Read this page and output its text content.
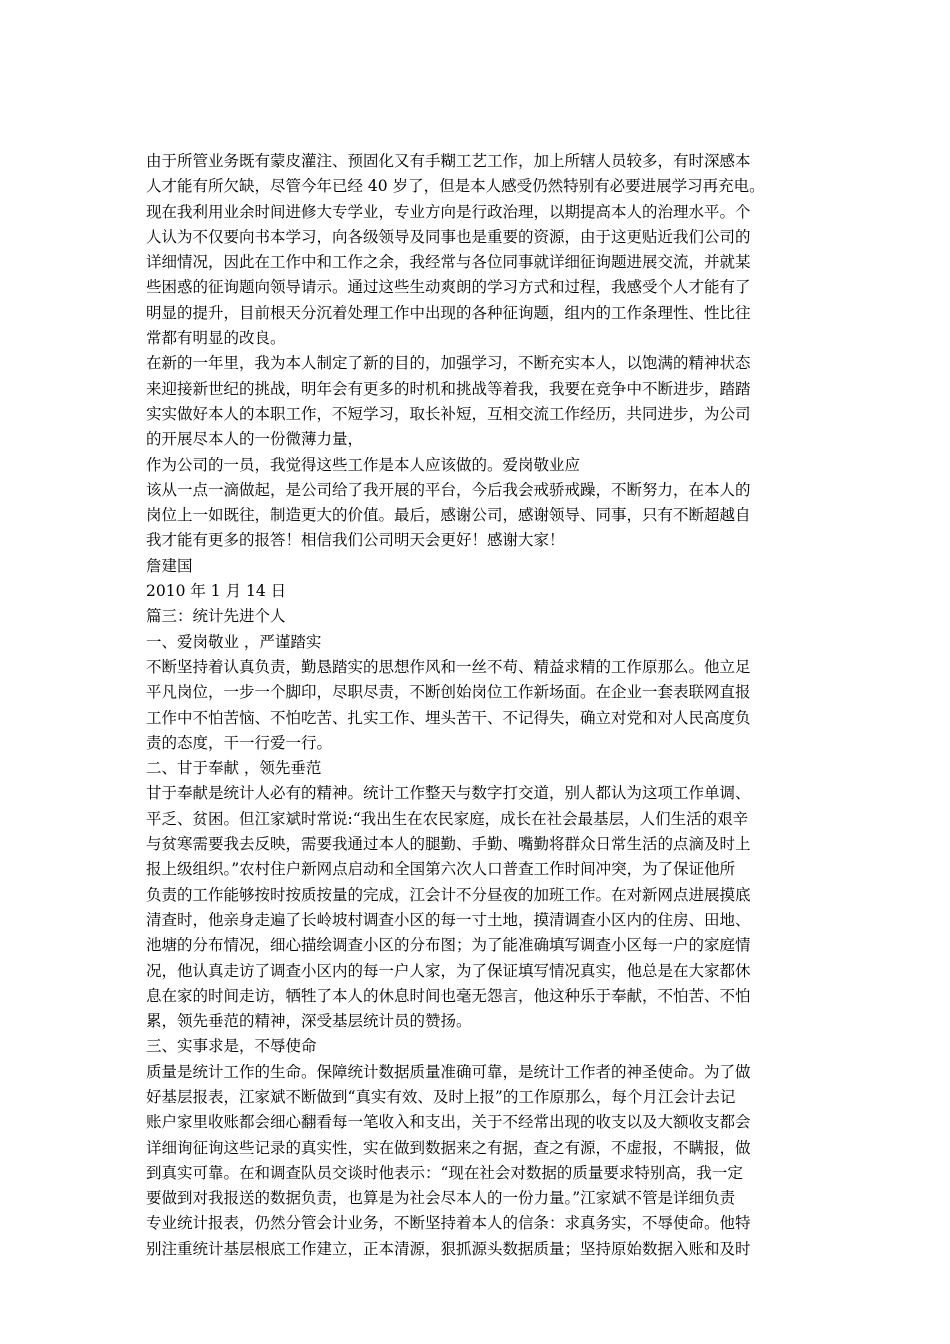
由于所管业务既有蒙皮灌注、预固化又有手糊工艺工作，加上所辖人员较多，有时深感本
人才能有所欠缺，尽管今年已经 40 岁了，但是本人感受仍然特别有必要进展学习再充电。
现在我利用业余时间进修大专学业，专业方向是行政治理，以期提高本人的治理水平。个
人认为不仅要向书本学习，向各级领导及同事也是重要的资源，由于这更贴近我们公司的
详细情况，因此在工作中和工作之余，我经常与各位同事就详细征询题进展交流，并就某
些困惑的征询题向领导请示。通过这些生动爽朗的学习方式和过程，我感受个人才能有了
明显的提升，目前根天分沉着处理工作中出现的各种征询题，组内的工作条理性、性比往
常都有明显的改良。
在新的一年里，我为本人制定了新的目的，加强学习，不断充实本人，以饱满的精神状态
来迎接新世纪的挑战，明年会有更多的时机和挑战等着我，我要在竞争中不断进步，踏踏
实实做好本人的本职工作，不短学习，取长补短，互相交流工作经历，共同进步，为公司
的开展尽本人的一份微薄力量，
作为公司的一员，我觉得这些工作是本人应该做的。爱岗敬业应
该从一点一滴做起，是公司给了我开展的平台，今后我会戒骄戒躁，不断努力，在本人的
岗位上一如既往，制造更大的价值。最后，感谢公司，感谢领导、同事，只有不断超越自
我才能有更多的报答！相信我们公司明天会更好！感谢大家！
詹建国
2010 年 1 月 14 日
篇三：统计先进个人
一、爱岗敬业 ，严谨踏实
不断坚持着认真负责，勤恳踏实的思想作风和一丝不苟、精益求精的工作原那么。他立足
平凡岗位，一步一个脚印，尽职尽责，不断创始岗位工作新场面。在企业一套表联网直报
工作中不怕苦恼、不怕吃苦、扎实工作、埋头苦干、不记得失，确立对党和对人民高度负
责的态度，干一行爱一行。
二、甘于奉献 ，领先垂范
甘于奉献是统计人必有的精神。统计工作整天与数字打交道，别人都认为这项工作单调、
平乏、贫困。但江家斌时常说:“我出生在农民家庭，成长在社会最基层，人们生活的艰辛
与贫寒需要我去反映，需要我通过本人的腿勤、手勤、嘴勤将群众日常生活的点滴及时上
报上级组织。”农村住户新网点启动和全国第六次人口普查工作时间冲突，为了保证他所
负责的工作能够按时按质按量的完成，江会计不分昼夜的加班工作。在对新网点进展摸底
清查时，他亲身走遍了长岭坡村调查小区的每一寸土地，摸清调查小区内的住房、田地、
池塘的分布情况，细心描绘调查小区的分布图；为了能准确填写调查小区每一户的家庭情
况，他认真走访了调查小区内的每一户人家，为了保证填写情况真实，他总是在大家都休
息在家的时间走访，牺牲了本人的休息时间也毫无怨言，他这种乐于奉献，不怕苦、不怕
累，领先垂范的精神，深受基层统计员的赞扬。
三、实事求是，不辱使命
质量是统计工作的生命。保障统计数据质量准确可靠，是统计工作者的神圣使命。为了做
好基层报表，江家斌不断做到“真实有效、及时上报”的工作原那么，每个月江会计去记
账户家里收账都会细心翻看每一笔收入和支出，关于不经常出现的收支以及大额收支都会
详细询征询这些记录的真实性，实在做到数据来之有据，查之有源，不虚报，不瞒报，做
到真实可靠。在和调查队员交谈时他表示：“现在社会对数据的质量要求特别高，我一定
要做到对我报送的数据负责，也算是为社会尽本人的一份力量。”江家斌不管是详细负责
专业统计报表，仍然分管会计业务，不断坚持着本人的信条：求真务实，不辱使命。他特
别注重统计基层根底工作建立，正本清源，狠抓源头数据质量；坚持原始数据入账和及时
